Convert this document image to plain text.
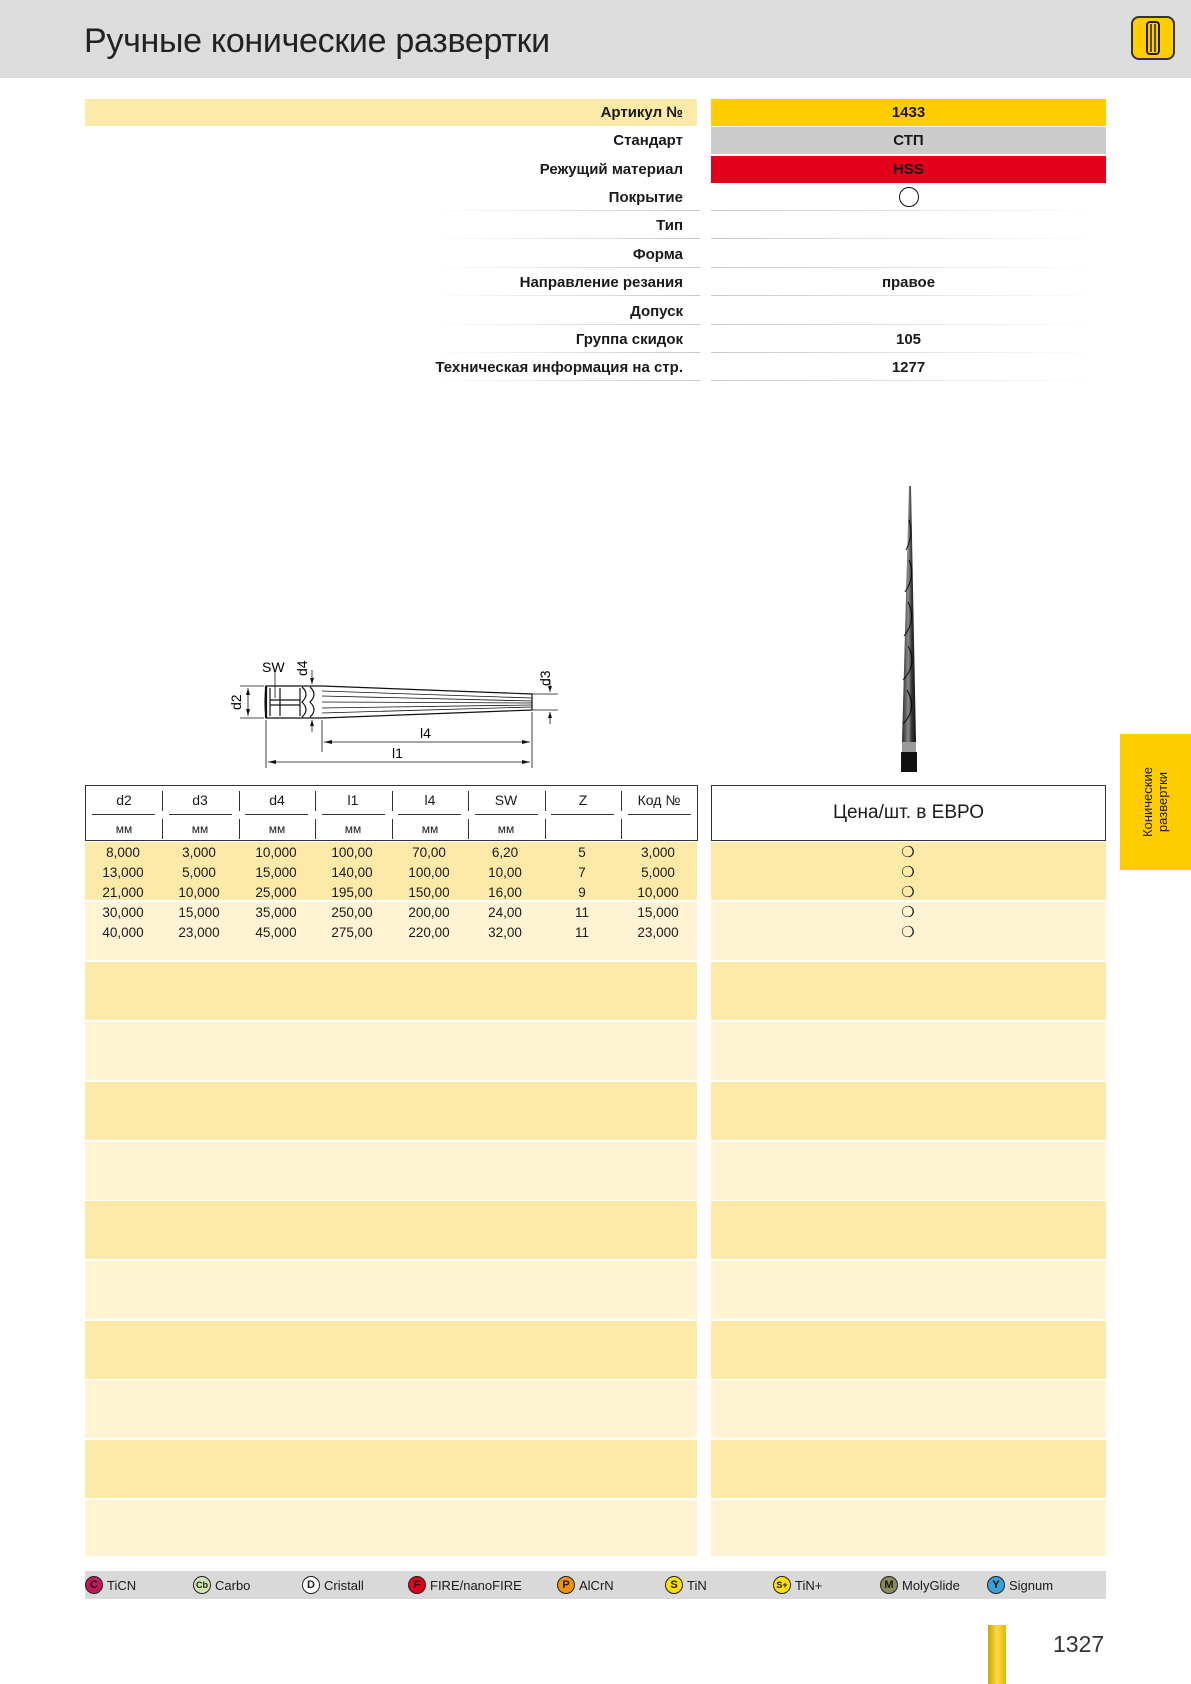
Ручные конические развертки
Артикул №	1433
Стандарт	СТП
Режущий материал	HSS
Покрытие
Тип
Форма
Направление резания	правое
Допуск
Группа скидок	105
Техническая информация на стр.	1277
SW
d2
d3
d4
l4
l1
d2	d3	d4	l1	l4	SW	Z	Код №
мм	мм	мм	мм	мм	мм
Цена/шт. в ЕВРО
8,000	3,000	10,000	100,00	70,00	6,20	5	3,000
13,000	5,000	15,000	140,00	100,00	10,00	7	5,000
21,000	10,000	25,000	195,00	150,00	16,00	9	10,000
30,000	15,000	35,000	250,00	200,00	24,00	11	15,000
40,000	23,000	45,000	275,00	220,00	32,00	11	23,000
❍
❍
❍
❍
❍
Конические развертки
C TiCN	Cb Carbo	D Cristall	F FIRE/nanoFIRE	P AlCrN	S TiN	S+ TiN+	M MolyGlide	Y Signum
1327
